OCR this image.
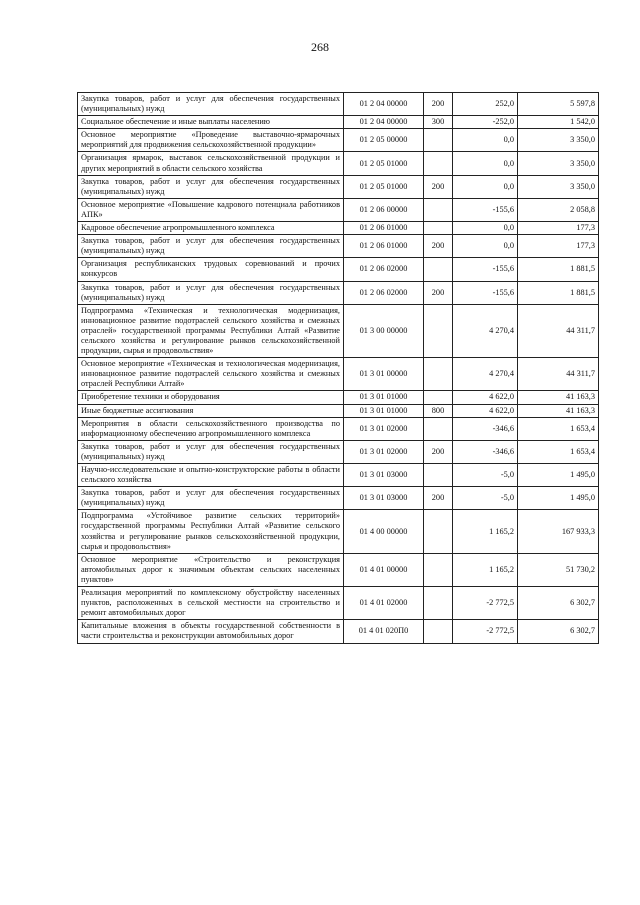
268
Закупка товаров, работ и услуг для обеспечения государственных (муниципальных) нужд	01 2 04 00000	200	252,0	5 597,8
Социальное обеспечение и иные выплаты населению	01 2 04 00000	300	-252,0	1 542,0
Основное мероприятие «Проведение выставочно-ярмарочных мероприятий для продвижения сельскохозяйственной продукции»	01 2 05 00000		0,0	3 350,0
Организация ярмарок, выставок сельскохозяйственной продукции и других мероприятий в области сельского хозяйства	01 2 05 01000		0,0	3 350,0
Закупка товаров, работ и услуг для обеспечения государственных (муниципальных) нужд	01 2 05 01000	200	0,0	3 350,0
Основное мероприятие «Повышение кадрового потенциала работников АПК»	01 2 06 00000		-155,6	2 058,8
Кадровое обеспечение агропромышленного комплекса	01 2 06 01000		0,0	177,3
Закупка товаров, работ и услуг для обеспечения государственных (муниципальных) нужд	01 2 06 01000	200	0,0	177,3
Организация республиканских трудовых соревнований и прочих конкурсов	01 2 06 02000		-155,6	1 881,5
Закупка товаров, работ и услуг для обеспечения государственных (муниципальных) нужд	01 2 06 02000	200	-155,6	1 881,5
Подпрограмма «Техническая и технологическая модернизация, инновационное развитие подотраслей сельского хозяйства и смежных отраслей» государственной программы Республики Алтай «Развитие сельского хозяйства и регулирование рынков сельскохозяйственной продукции, сырья и продовольствия»	01 3 00 00000		4 270,4	44 311,7
Основное мероприятие «Техническая и технологическая модернизация, инновационное развитие подотраслей сельского хозяйства и смежных отраслей Республики Алтай»	01 3 01 00000		4 270,4	44 311,7
Приобретение техники и оборудования	01 3 01 01000		4 622,0	41 163,3
Иные бюджетные ассигнования	01 3 01 01000	800	4 622,0	41 163,3
Мероприятия в области сельскохозяйственного производства по информационному обеспечению агропромышленного комплекса	01 3 01 02000		-346,6	1 653,4
Закупка товаров, работ и услуг для обеспечения государственных (муниципальных) нужд	01 3 01 02000	200	-346,6	1 653,4
Научно-исследовательские и опытно-конструкторские работы в области сельского хозяйства	01 3 01 03000		-5,0	1 495,0
Закупка товаров, работ и услуг для обеспечения государственных (муниципальных) нужд	01 3 01 03000	200	-5,0	1 495,0
Подпрограмма «Устойчивое развитие сельских территорий» государственной программы Республики Алтай «Развитие сельского хозяйства и регулирование рынков сельскохозяйственной продукции, сырья и продовольствия»	01 4 00 00000		1 165,2	167 933,3
Основное мероприятие «Строительство и реконструкция автомобильных дорог к значимым объектам сельских населенных пунктов»	01 4 01 00000		1 165,2	51 730,2
Реализация мероприятий по комплексному обустройству населенных пунктов, расположенных в сельской местности на строительство и ремонт автомобильных дорог	01 4 01 02000		-2 772,5	6 302,7
Капитальные вложения в объекты государственной собственности в части строительства и реконструкции автомобильных дорог	01 4 01 020П0		-2 772,5	6 302,7
